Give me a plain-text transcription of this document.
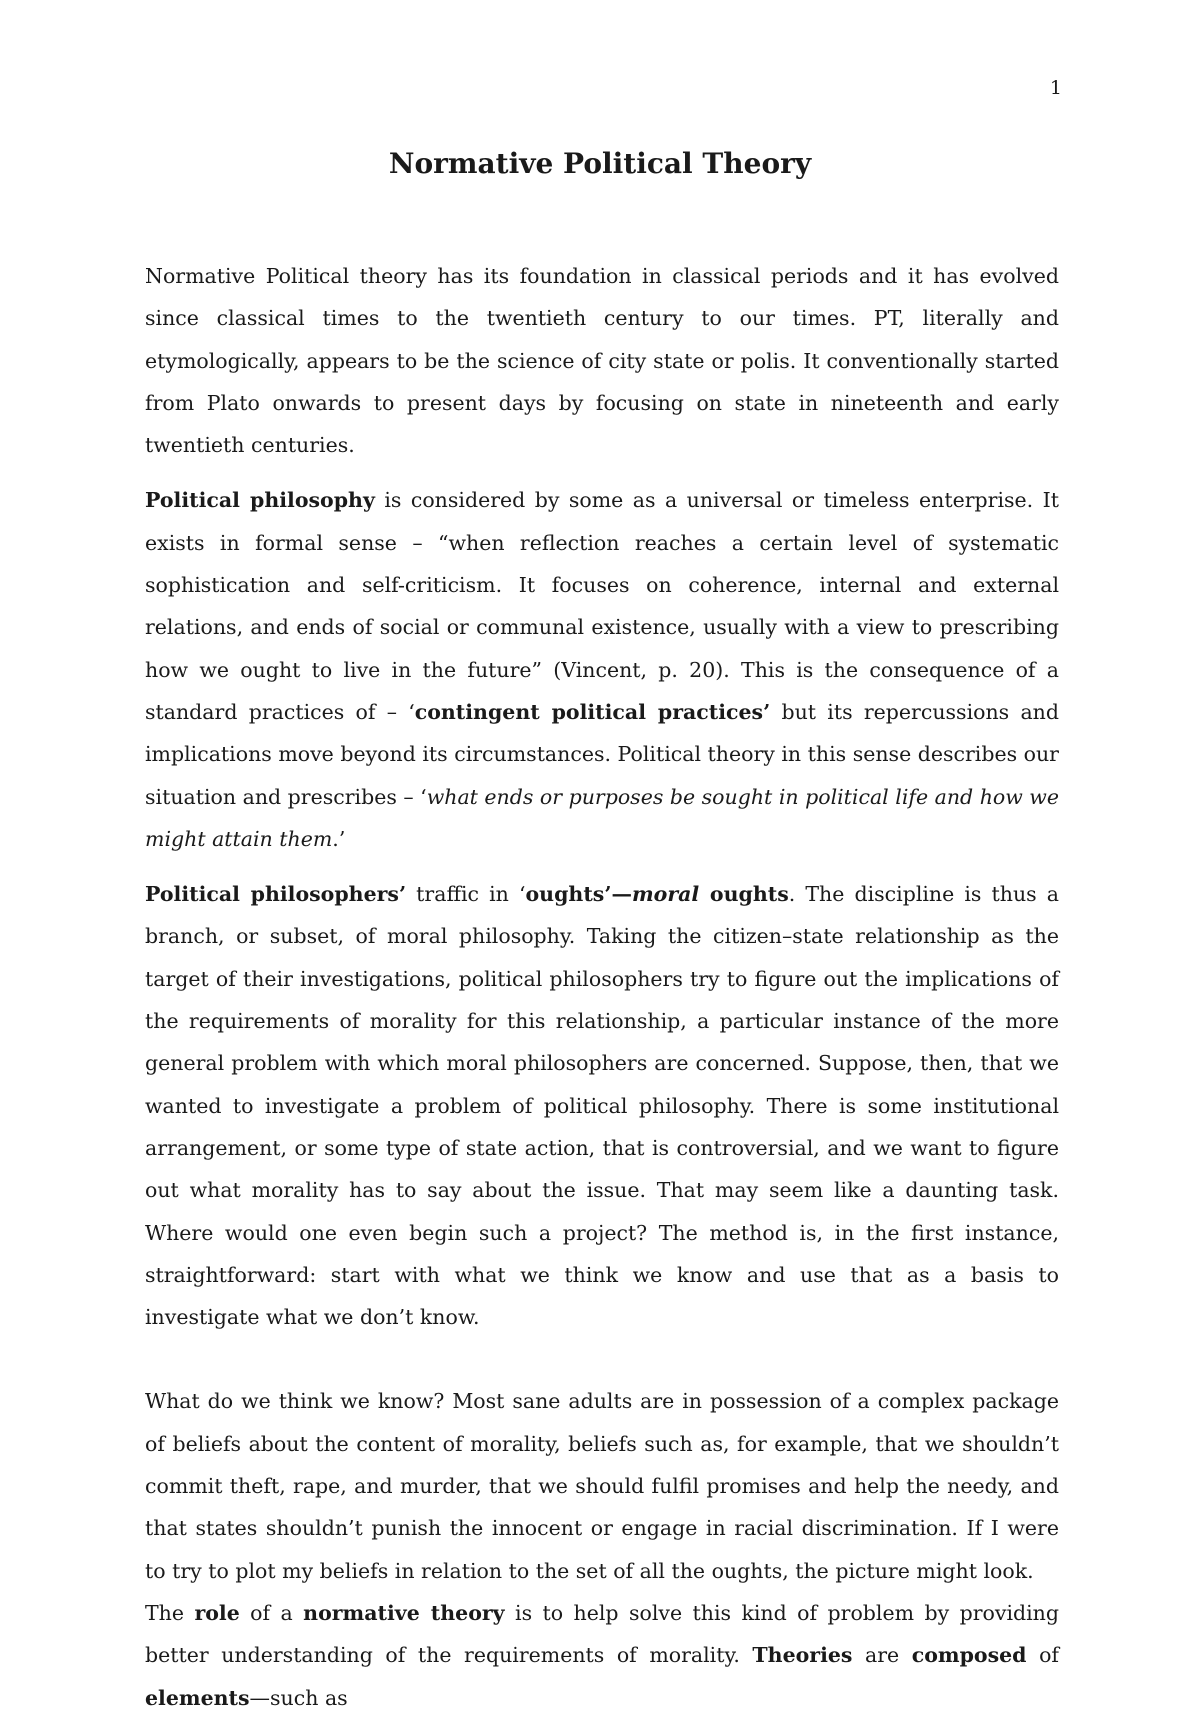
1
Normative Political Theory

Normative Political theory has its foundation in classical periods and it has evolved since classical times to the twentieth century to our times. PT, literally and etymologically, appears to be the science of city state or polis. It conventionally started from Plato onwards to present days by focusing on state in nineteenth and early twentieth centuries.

Political philosophy is considered by some as a universal or timeless enterprise. It exists in formal sense – “when reflection reaches a certain level of systematic sophistication and self-criticism. It focuses on coherence, internal and external relations, and ends of social or communal existence, usually with a view to prescribing how we ought to live in the future” (Vincent, p. 20). This is the consequence of a standard practices of – ‘contingent political practices’ but its repercussions and implications move beyond its circumstances. Political theory in this sense describes our situation and prescribes – ‘what ends or purposes be sought in political life and how we might attain them.’

Political philosophers’ traffic in ‘oughts’—moral oughts. The discipline is thus a branch, or subset, of moral philosophy. Taking the citizen–state relationship as the target of their investigations, political philosophers try to figure out the implications of the requirements of morality for this relationship, a particular instance of the more general problem with which moral philosophers are concerned. Suppose, then, that we wanted to investigate a problem of political philosophy. There is some institutional arrangement, or some type of state action, that is controversial, and we want to figure out what morality has to say about the issue. That may seem like a daunting task. Where would one even begin such a project? The method is, in the first instance, straightforward: start with what we think we know and use that as a basis to investigate what we don’t know.

What do we think we know? Most sane adults are in possession of a complex package of beliefs about the content of morality, beliefs such as, for example, that we shouldn’t commit theft, rape, and murder, that we should fulfil promises and help the needy, and that states shouldn’t punish the innocent or engage in racial discrimination. If I were to try to plot my beliefs in relation to the set of all the oughts, the picture might look.

The role of a normative theory is to help solve this kind of problem by providing better understanding of the requirements of morality. Theories are composed of elements—such as
